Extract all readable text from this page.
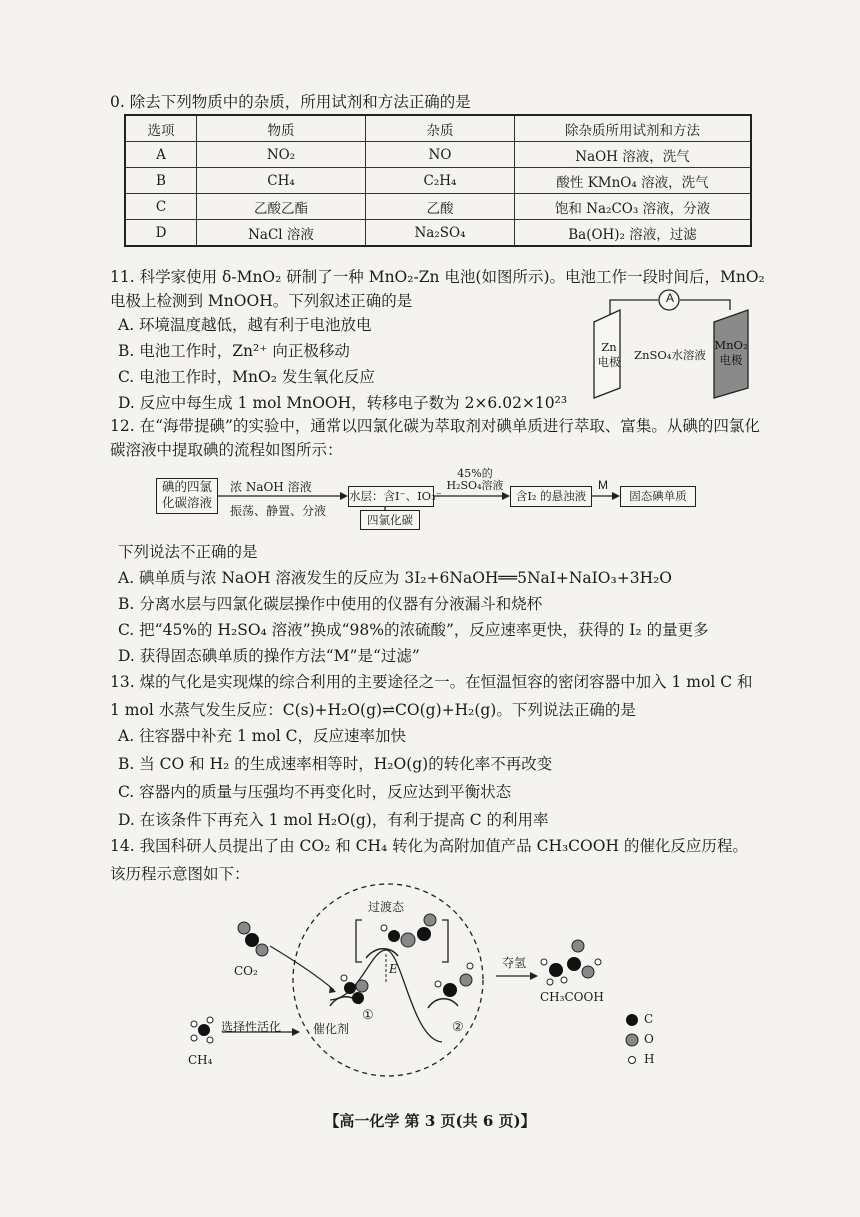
0. 除去下列物质中的杂质，所用试剂和方法正确的是
选项	物质	杂质	除杂质所用试剂和方法
A	NO₂	NO	NaOH 溶液，洗气
B	CH₄	C₂H₄	酸性 KMnO₄ 溶液，洗气
C	乙酸乙酯	乙酸	饱和 Na₂CO₃ 溶液，分液
D	NaCl 溶液	Na₂SO₄	Ba(OH)₂ 溶液，过滤
11. 科学家使用 δ-MnO₂ 研制了一种 MnO₂-Zn 电池(如图所示)。电池工作一段时间后，MnO₂
电极上检测到 MnOOH。下列叙述正确的是
A. 环境温度越低，越有利于电池放电
B. 电池工作时，Zn²⁺ 向正极移动
C. 电池工作时，MnO₂ 发生氧化反应
D. 反应中每生成 1 mol MnOOH，转移电子数为 2×6.02×10²³
A
Zn
电极	ZnSO₄水溶液
MnO₂
电极
12. 在“海带提碘”的实验中，通常以四氯化碳为萃取剂对碘单质进行萃取、富集。从碘的四氯化
碳溶液中提取碘的流程如图所示：
碘的四氯化碳溶液
浓 NaOH 溶液
振荡、静置、分液
水层：含I⁻、IO₃⁻
四氯化碳
45%的 H₂SO₄溶液
含I₂ 的悬浊液
M
固态碘单质
下列说法不正确的是
A. 碘单质与浓 NaOH 溶液发生的反应为 3I₂+6NaOH══5NaI+NaIO₃+3H₂O
B. 分离水层与四氯化碳层操作中使用的仪器有分液漏斗和烧杯
C. 把“45%的 H₂SO₄ 溶液”换成“98%的浓硫酸”，反应速率更快，获得的 I₂ 的量更多
D. 获得固态碘单质的操作方法“M”是“过滤”
13. 煤的气化是实现煤的综合利用的主要途径之一。在恒温恒容的密闭容器中加入 1 mol C 和
1 mol 水蒸气发生反应：C(s)+H₂O(g)⇌CO(g)+H₂(g)。下列说法正确的是
A. 往容器中补充 1 mol C，反应速率加快
B. 当 CO 和 H₂ 的生成速率相等时，H₂O(g)的转化率不再改变
C. 容器内的质量与压强均不再变化时，反应达到平衡状态
D. 在该条件下再充入 1 mol H₂O(g)，有利于提高 C 的利用率
14. 我国科研人员提出了由 CO₂ 和 CH₄ 转化为高附加值产品 CH₃COOH 的催化反应历程。
该历程示意图如下：
过渡态
CO₂
CH₄
选择性活化	催化剂
①
②
E	夺氢
CH₃COOH
C
O
H
【高一化学 第 3 页(共 6 页)】
